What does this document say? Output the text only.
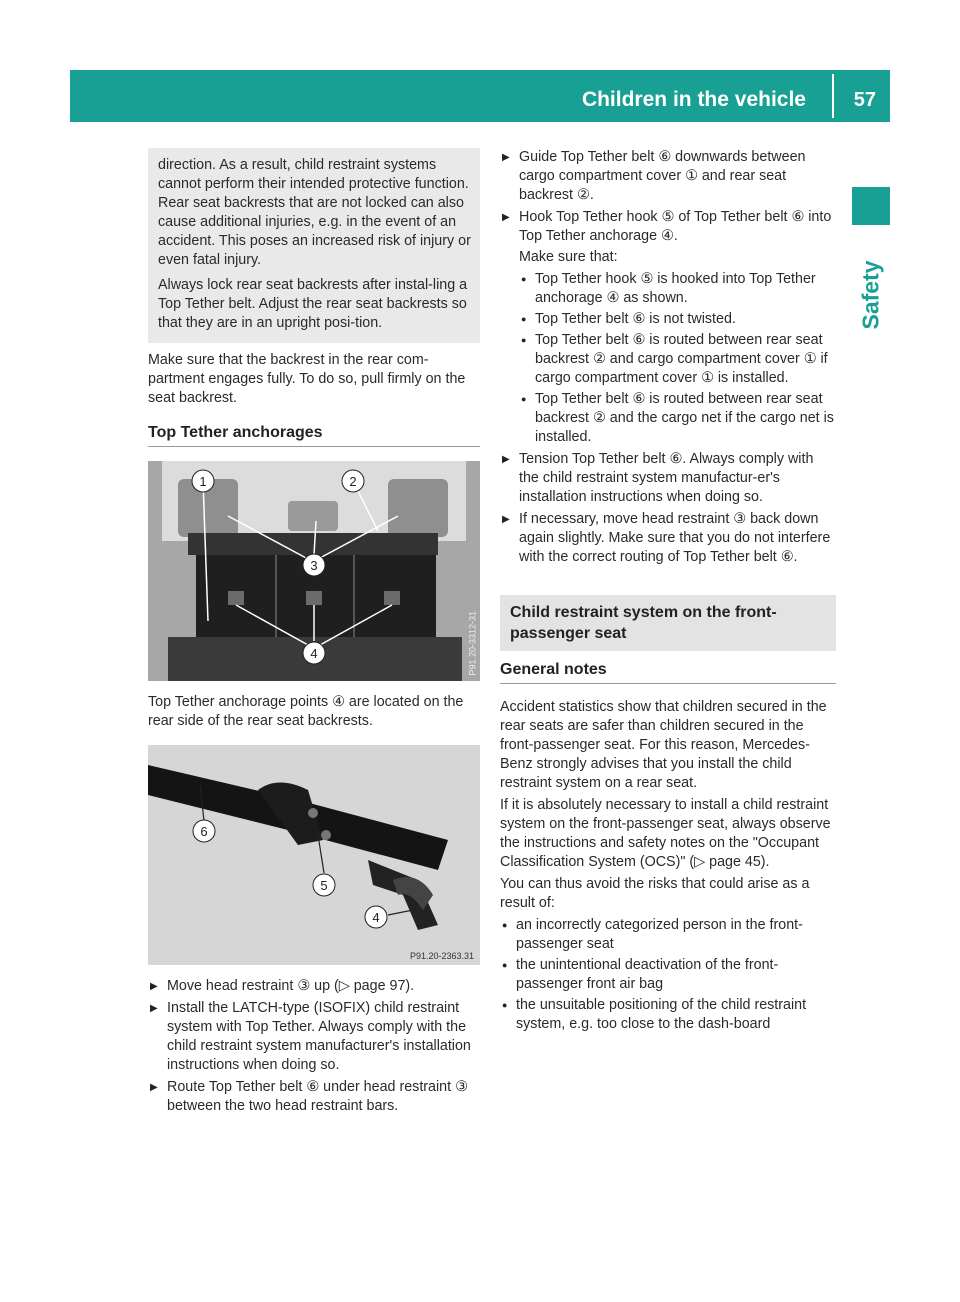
Children in the vehicle	57
Safety

direction. As a result, child restraint systems cannot perform their intended protective function. Rear seat backrests that are not locked can also cause additional injuries, e.g. in the event of an accident. This poses an increased risk of injury or even fatal injury.

Always lock rear seat backrests after instal-ling a Top Tether belt. Adjust the rear seat backrests so that they are in an upright posi-tion.

Make sure that the backrest in the rear com-partment engages fully. To do so, pull firmly on the seat backrest.

Top Tether anchorages
1	2
3
4	P91.20-3312-31

Top Tether anchorage points ④ are located on the rear side of the rear seat backrests.

6
5
4
P91.20-2363.31
▶ Move head restraint ③ up (▷ page 97).
▶ Install the LATCH-type (ISOFIX) child restraint system with Top Tether. Always comply with the child restraint system manufacturer's installation instructions when doing so.
▶ Route Top Tether belt ⑥ under head restraint ③ between the two head restraint bars.
▶ Guide Top Tether belt ⑥ downwards between cargo compartment cover ① and rear seat backrest ②.
▶ Hook Top Tether hook ⑤ of Top Tether belt ⑥ into Top Tether anchorage ④.

Make sure that:

● Top Tether hook ⑤ is hooked into Top Tether anchorage ④ as shown.
● Top Tether belt ⑥ is not twisted.
● Top Tether belt ⑥ is routed between rear seat backrest ② and cargo compartment cover ① if cargo compartment cover ① is installed.
● Top Tether belt ⑥ is routed between rear seat backrest ② and the cargo net if the cargo net is installed.
▶ Tension Top Tether belt ⑥. Always comply with the child restraint system manufactur-er's installation instructions when doing so.
▶ If necessary, move head restraint ③ back down again slightly. Make sure that you do not interfere with the correct routing of Top Tether belt ⑥.
Child restraint system on the front-passenger seat
General notes

Accident statistics show that children secured in the rear seats are safer than children secured in the front-passenger seat. For this reason, Mercedes-Benz strongly advises that you install the child restraint system on a rear seat.

If it is absolutely necessary to install a child restraint system on the front-passenger seat, always observe the instructions and safety notes on the "Occupant Classification System (OCS)" (▷ page 45).

You can thus avoid the risks that could arise as a result of:

● an incorrectly categorized person in the front-passenger seat
● the unintentional deactivation of the front-passenger front air bag
● the unsuitable positioning of the child restraint system, e.g. too close to the dash-board
